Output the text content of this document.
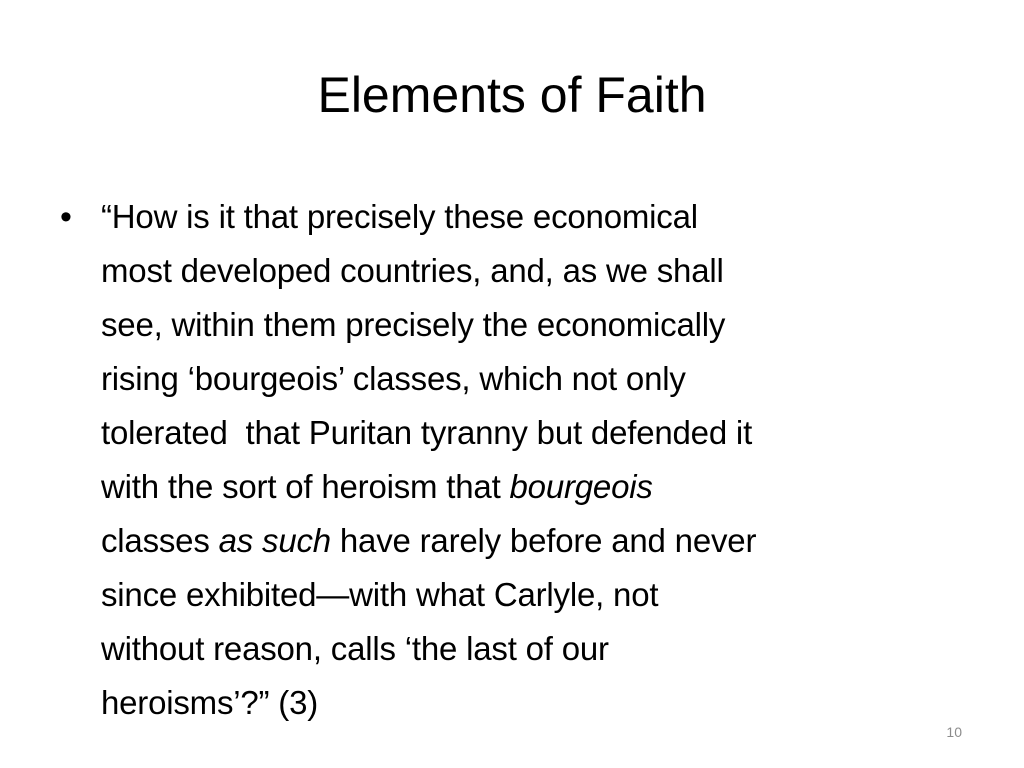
Elements of Faith
• “How is it that precisely these economical
most developed countries, and, as we shall
see, within them precisely the economically
rising ‘bourgeois’ classes, which not only
tolerated  that Puritan tyranny but defended it
with the sort of heroism that bourgeois
classes as such have rarely before and never
since exhibited—with what Carlyle, not
without reason, calls ‘the last of our
heroisms’?” (3)
10
